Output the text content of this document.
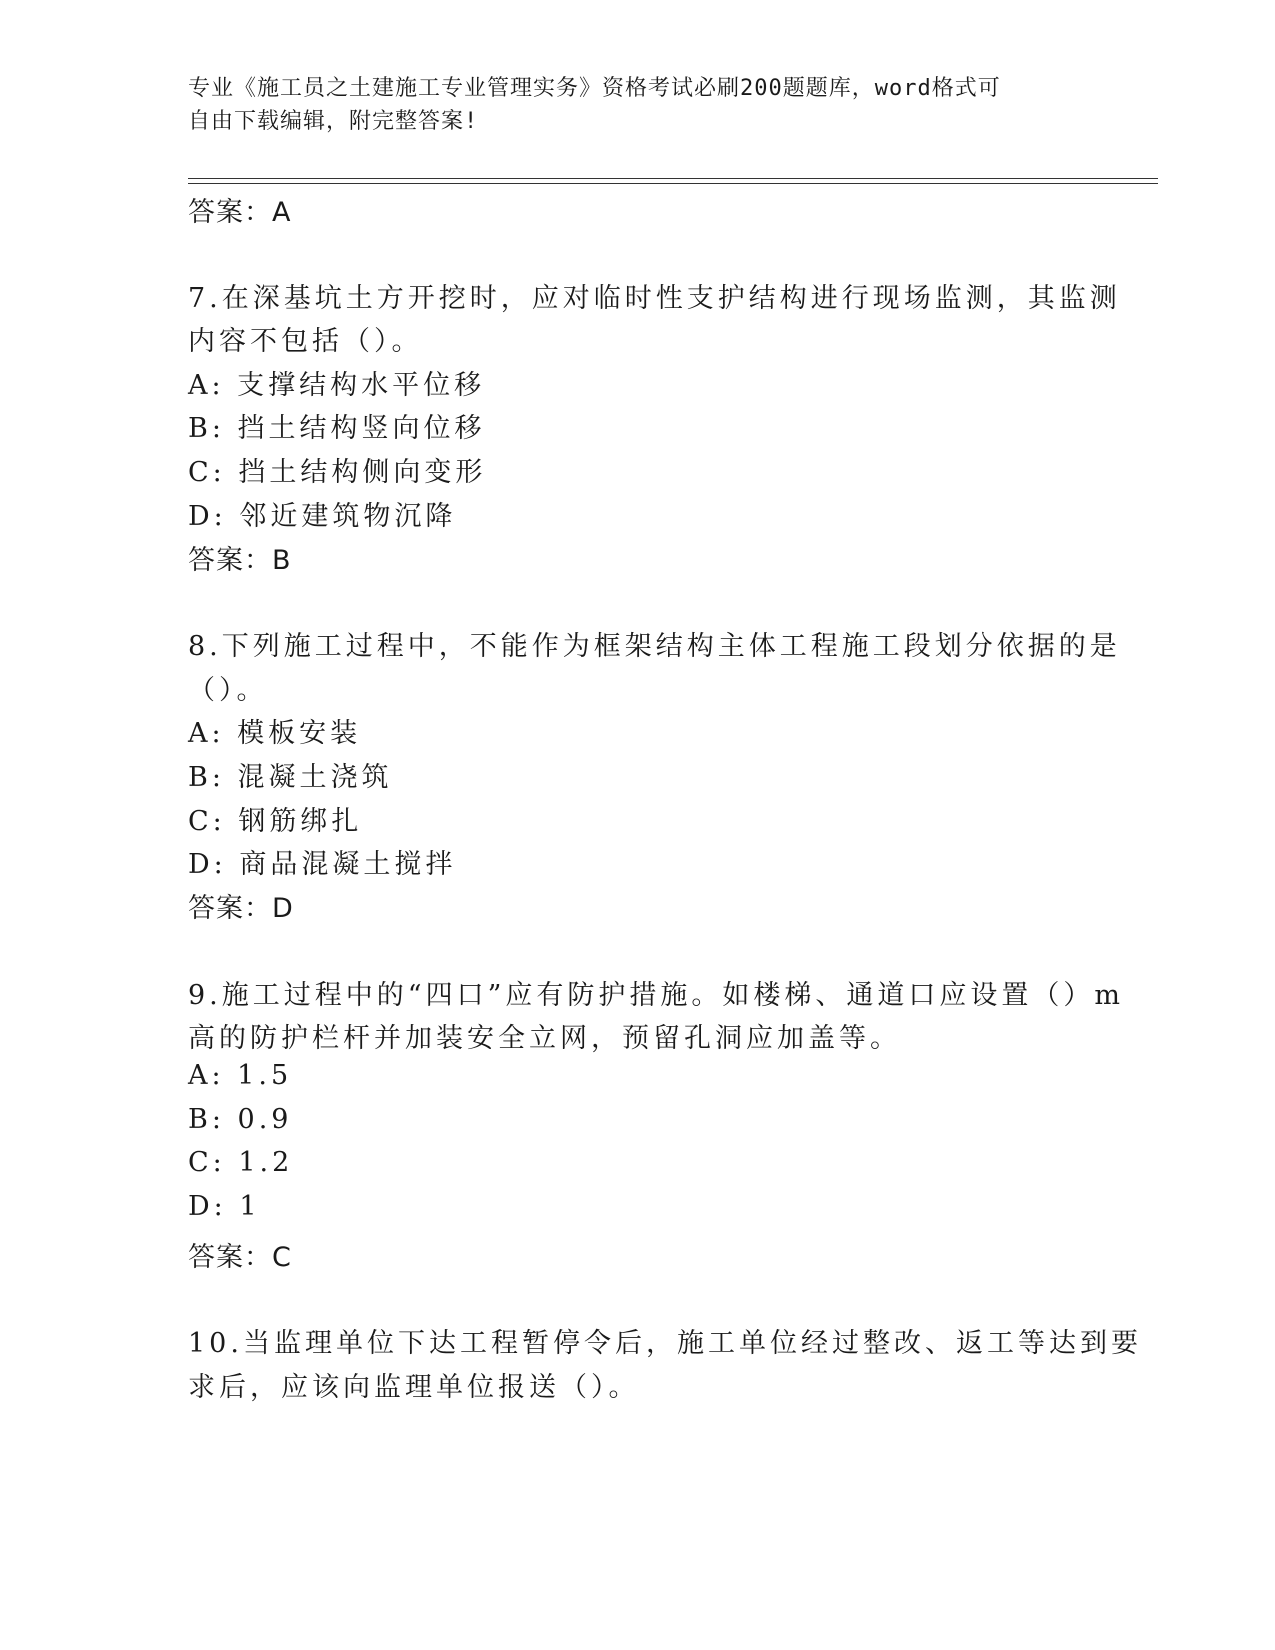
专业《施工员之土建施工专业管理实务》资格考试必刷200题题库，word格式可
自由下载编辑，附完整答案!
答案：A
7.在深基坑土方开挖时，应对临时性支护结构进行现场监测，其监测
内容不包括（）。
A: 支撑结构水平位移
B: 挡土结构竖向位移
C: 挡土结构侧向变形
D: 邻近建筑物沉降
答案：B
8.下列施工过程中，不能作为框架结构主体工程施工段划分依据的是
（）。
A: 模板安装
B: 混凝土浇筑
C: 钢筋绑扎
D: 商品混凝土搅拌
答案：D
9.施工过程中的“四口”应有防护措施。如楼梯、通道口应设置（）m
高的防护栏杆并加装安全立网，预留孔洞应加盖等。
A: 1.5
B: 0.9
C: 1.2
D: 1
答案：C
10.当监理单位下达工程暂停令后，施工单位经过整改、返工等达到要
求后，应该向监理单位报送（）。
